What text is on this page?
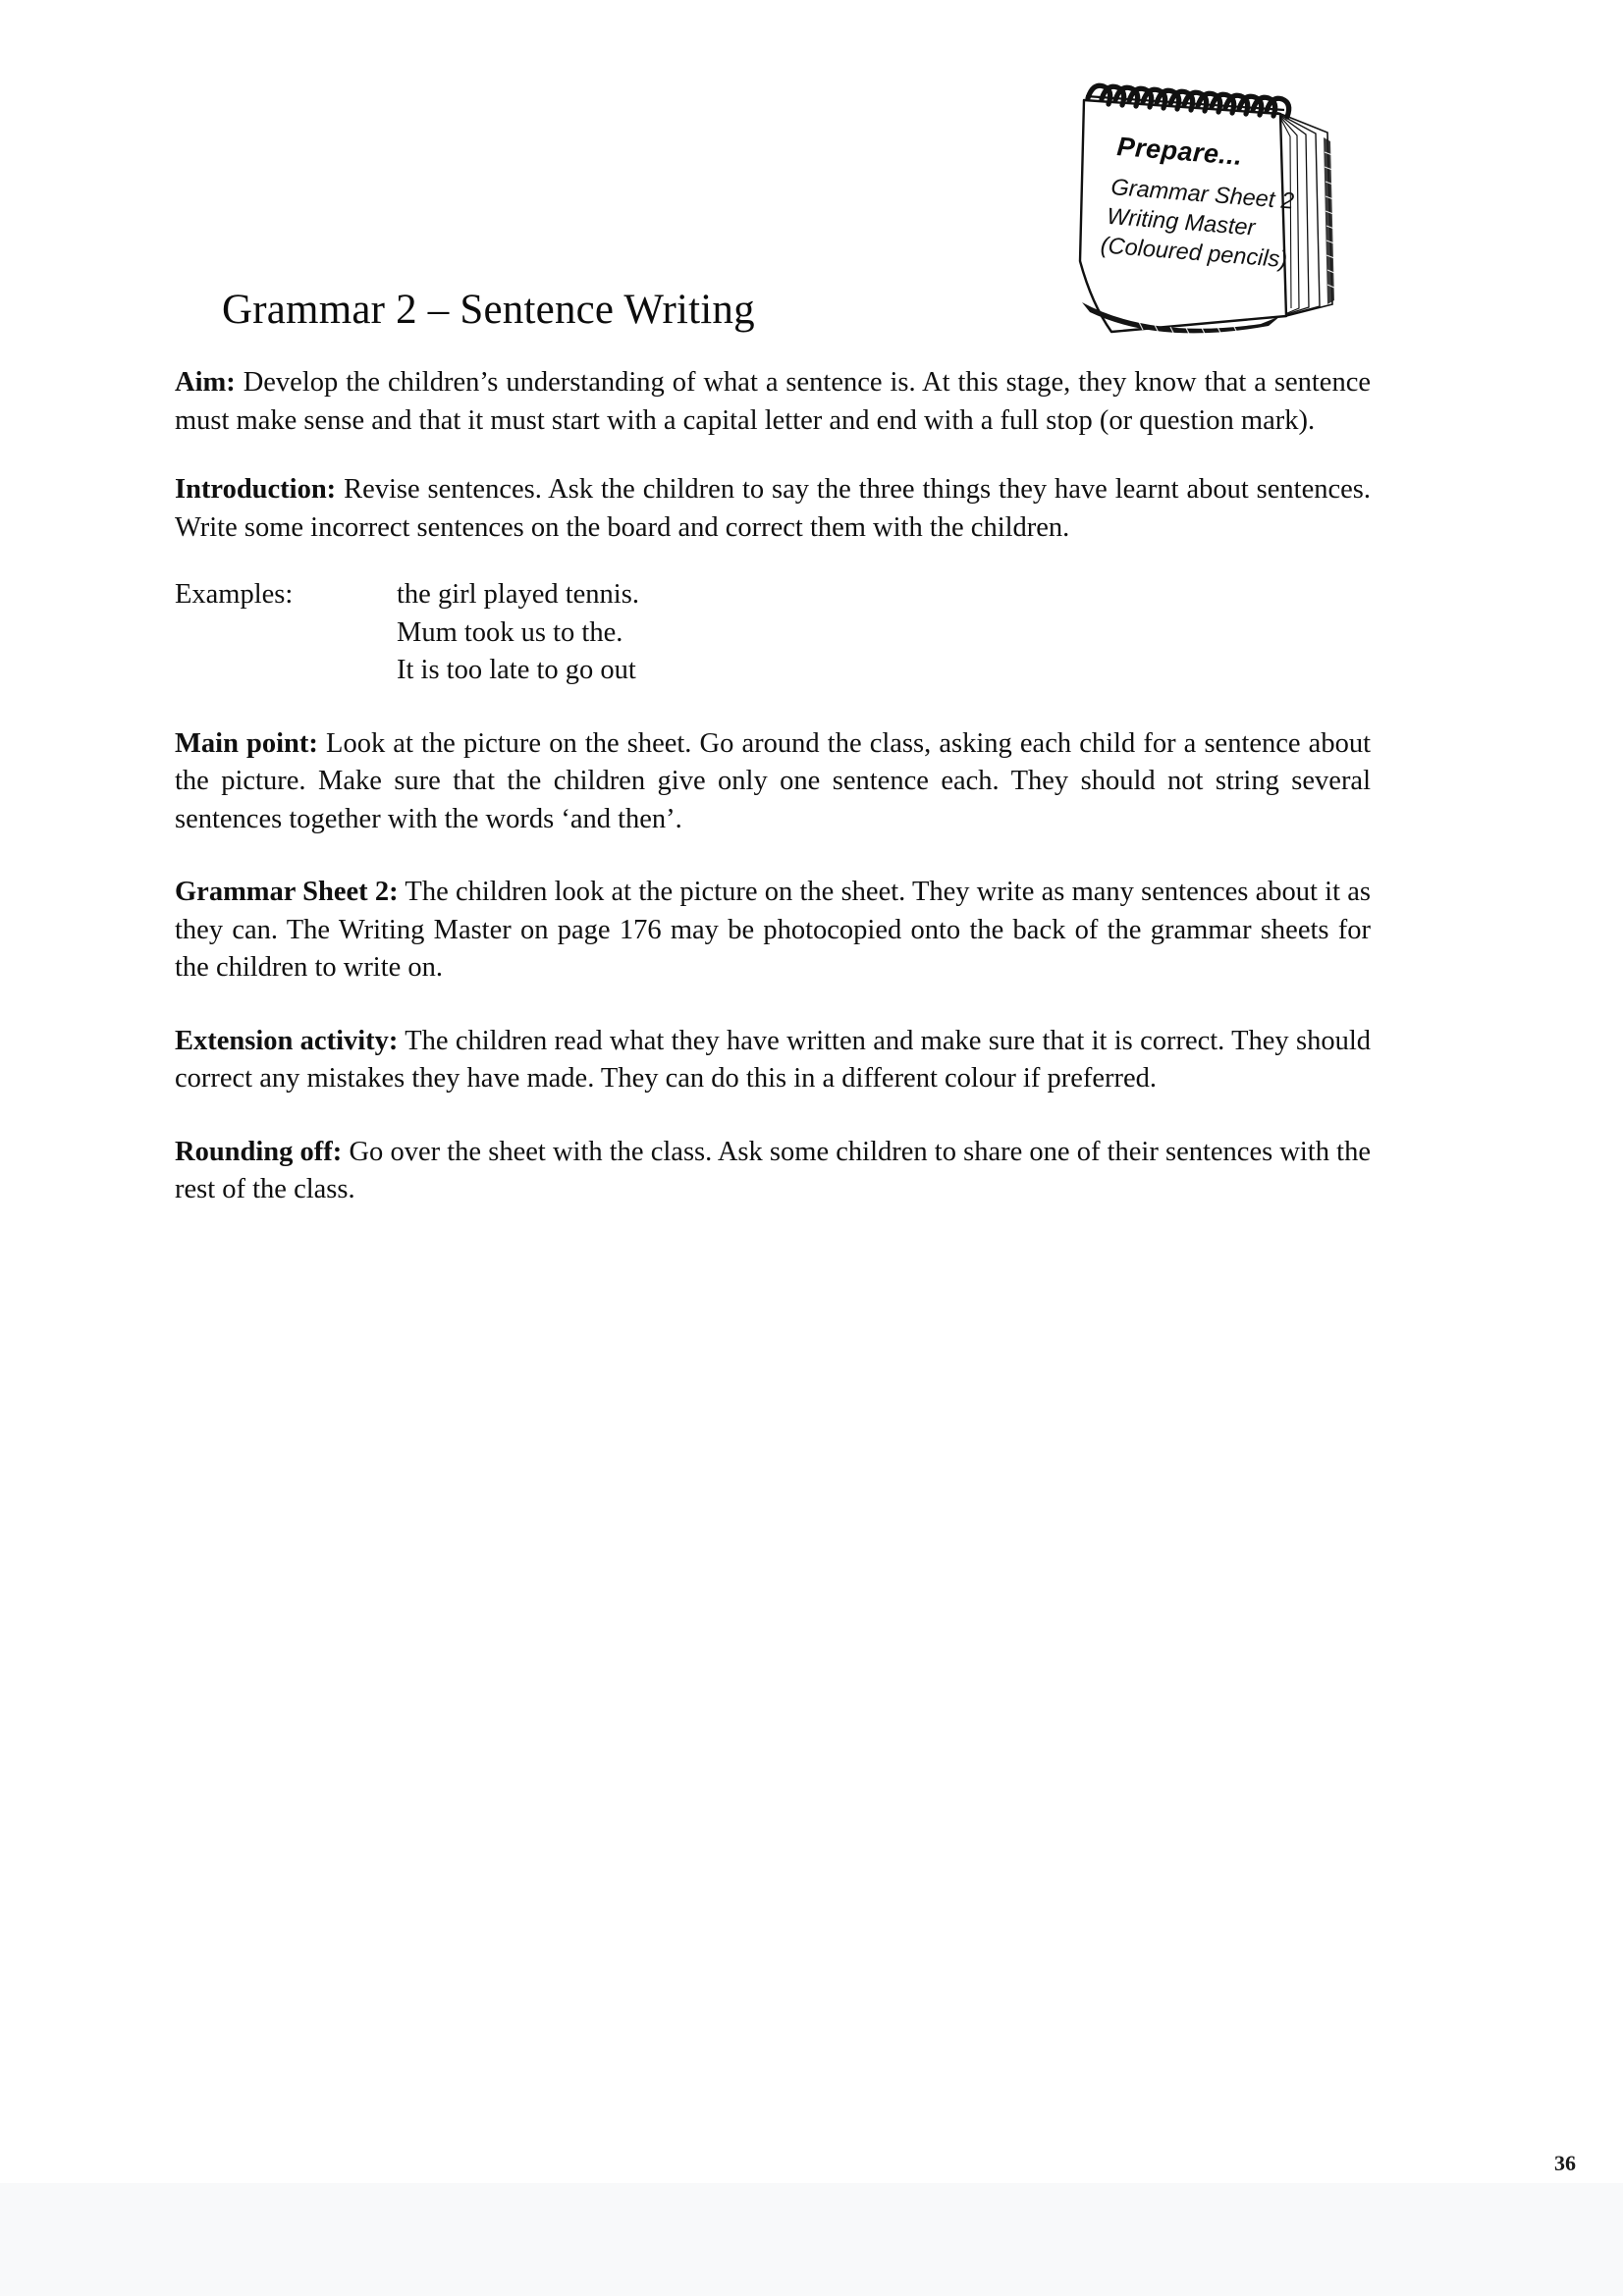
Prepare...
Grammar Sheet 2
Writing Master
(Coloured pencils)
Grammar 2 – Sentence Writing

Aim: Develop the children’s understanding of what a sentence is. At this stage, they know that a sentence must make sense and that it must start with a capital letter and end with a full stop (or question mark).

Introduction: Revise sentences. Ask the children to say the three things they have learnt about sentences. Write some incorrect sentences on the board and correct them with the children.

Examples:	the girl played tennis.
Mum took us to the.
It is too late to go out

Main point: Look at the picture on the sheet. Go around the class, asking each child for a sentence about the picture. Make sure that the children give only one sentence each. They should not string several sentences together with the words ‘and then’.

Grammar Sheet 2: The children look at the picture on the sheet. They write as many sentences about it as they can. The Writing Master on page 176 may be photocopied onto the back of the grammar sheets for the children to write on.

Extension activity: The children read what they have written and make sure that it is correct. They should correct any mistakes they have made. They can do this in a different colour if preferred.

Rounding off: Go over the sheet with the class. Ask some children to share one of their sentences with the rest of the class.

36
